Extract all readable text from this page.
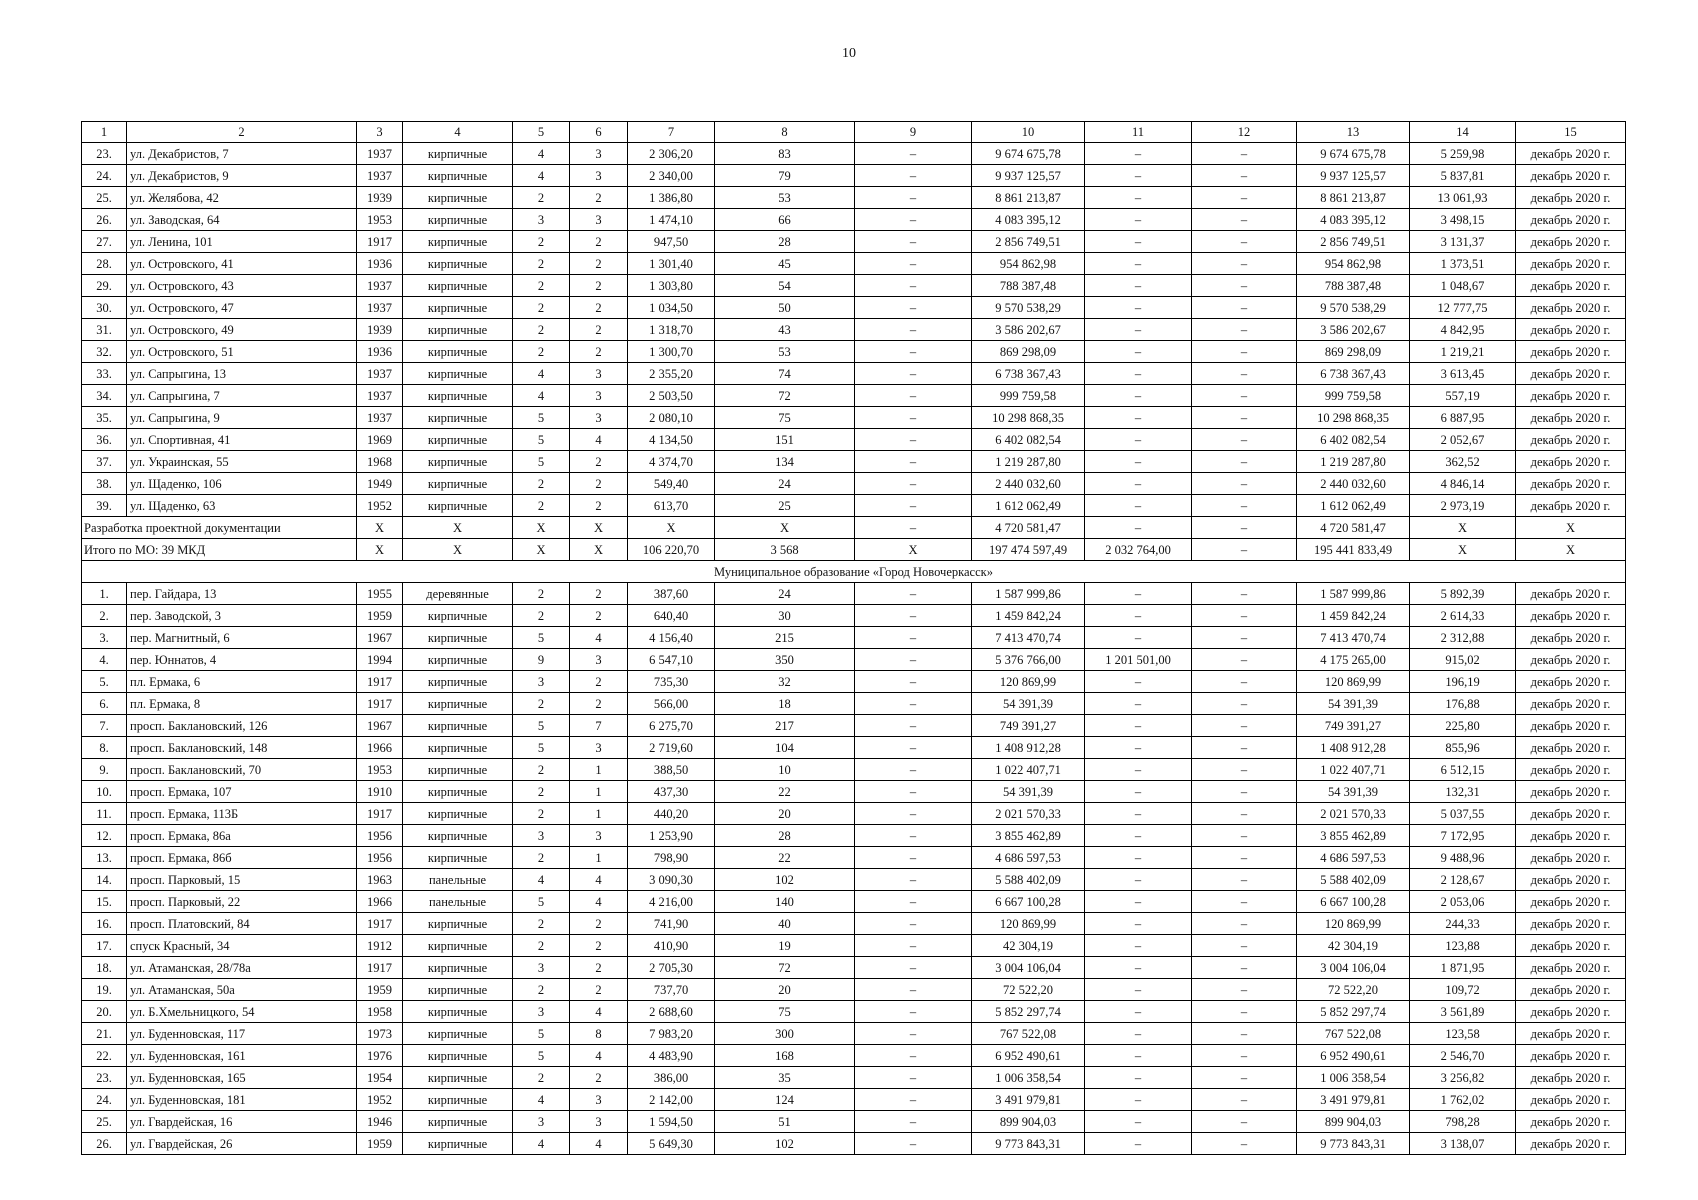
10
1	2	3	4	5	6	7	8	9	10	11	12	13	14	15
23.	ул. Декабристов, 7	1937	кирпичные	4	3	2 306,20	83	–	9 674 675,78	–	–	9 674 675,78	5 259,98	декабрь 2020 г.
24.	ул. Декабристов, 9	1937	кирпичные	4	3	2 340,00	79	–	9 937 125,57	–	–	9 937 125,57	5 837,81	декабрь 2020 г.
25.	ул. Желябова, 42	1939	кирпичные	2	2	1 386,80	53	–	8 861 213,87	–	–	8 861 213,87	13 061,93	декабрь 2020 г.
26.	ул. Заводская, 64	1953	кирпичные	3	3	1 474,10	66	–	4 083 395,12	–	–	4 083 395,12	3 498,15	декабрь 2020 г.
27.	ул. Ленина, 101	1917	кирпичные	2	2	947,50	28	–	2 856 749,51	–	–	2 856 749,51	3 131,37	декабрь 2020 г.
28.	ул. Островского, 41	1936	кирпичные	2	2	1 301,40	45	–	954 862,98	–	–	954 862,98	1 373,51	декабрь 2020 г.
29.	ул. Островского, 43	1937	кирпичные	2	2	1 303,80	54	–	788 387,48	–	–	788 387,48	1 048,67	декабрь 2020 г.
30.	ул. Островского, 47	1937	кирпичные	2	2	1 034,50	50	–	9 570 538,29	–	–	9 570 538,29	12 777,75	декабрь 2020 г.
31.	ул. Островского, 49	1939	кирпичные	2	2	1 318,70	43	–	3 586 202,67	–	–	3 586 202,67	4 842,95	декабрь 2020 г.
32.	ул. Островского, 51	1936	кирпичные	2	2	1 300,70	53	–	869 298,09	–	–	869 298,09	1 219,21	декабрь 2020 г.
33.	ул. Сапрыгина, 13	1937	кирпичные	4	3	2 355,20	74	–	6 738 367,43	–	–	6 738 367,43	3 613,45	декабрь 2020 г.
34.	ул. Сапрыгина, 7	1937	кирпичные	4	3	2 503,50	72	–	999 759,58	–	–	999 759,58	557,19	декабрь 2020 г.
35.	ул. Сапрыгина, 9	1937	кирпичные	5	3	2 080,10	75	–	10 298 868,35	–	–	10 298 868,35	6 887,95	декабрь 2020 г.
36.	ул. Спортивная, 41	1969	кирпичные	5	4	4 134,50	151	–	6 402 082,54	–	–	6 402 082,54	2 052,67	декабрь 2020 г.
37.	ул. Украинская, 55	1968	кирпичные	5	2	4 374,70	134	–	1 219 287,80	–	–	1 219 287,80	362,52	декабрь 2020 г.
38.	ул. Щаденко, 106	1949	кирпичные	2	2	549,40	24	–	2 440 032,60	–	–	2 440 032,60	4 846,14	декабрь 2020 г.
39.	ул. Щаденко, 63	1952	кирпичные	2	2	613,70	25	–	1 612 062,49	–	–	1 612 062,49	2 973,19	декабрь 2020 г.
Разработка проектной документации		Х	Х	Х	Х	Х	Х	–	4 720 581,47	–	–	4 720 581,47	Х	Х
Итого по МО: 39 МКД		Х	Х	Х	Х	106 220,70	3 568	Х	197 474 597,49	2 032 764,00	–	195 441 833,49	Х	Х
Муниципальное образование «Город Новочеркасск»														
1.	пер. Гайдара, 13	1955	деревянные	2	2	387,60	24	–	1 587 999,86	–	–	1 587 999,86	5 892,39	декабрь 2020 г.
2.	пер. Заводской, 3	1959	кирпичные	2	2	640,40	30	–	1 459 842,24	–	–	1 459 842,24	2 614,33	декабрь 2020 г.
3.	пер. Магнитный, 6	1967	кирпичные	5	4	4 156,40	215	–	7 413 470,74	–	–	7 413 470,74	2 312,88	декабрь 2020 г.
4.	пер. Юннатов, 4	1994	кирпичные	9	3	6 547,10	350	–	5 376 766,00	1 201 501,00	–	4 175 265,00	915,02	декабрь 2020 г.
5.	пл. Ермака, 6	1917	кирпичные	3	2	735,30	32	–	120 869,99	–	–	120 869,99	196,19	декабрь 2020 г.
6.	пл. Ермака, 8	1917	кирпичные	2	2	566,00	18	–	54 391,39	–	–	54 391,39	176,88	декабрь 2020 г.
7.	просп. Баклановский, 126	1967	кирпичные	5	7	6 275,70	217	–	749 391,27	–	–	749 391,27	225,80	декабрь 2020 г.
8.	просп. Баклановский, 148	1966	кирпичные	5	3	2 719,60	104	–	1 408 912,28	–	–	1 408 912,28	855,96	декабрь 2020 г.
9.	просп. Баклановский, 70	1953	кирпичные	2	1	388,50	10	–	1 022 407,71	–	–	1 022 407,71	6 512,15	декабрь 2020 г.
10.	просп. Ермака, 107	1910	кирпичные	2	1	437,30	22	–	54 391,39	–	–	54 391,39	132,31	декабрь 2020 г.
11.	просп. Ермака, 113Б	1917	кирпичные	2	1	440,20	20	–	2 021 570,33	–	–	2 021 570,33	5 037,55	декабрь 2020 г.
12.	просп. Ермака, 86а	1956	кирпичные	3	3	1 253,90	28	–	3 855 462,89	–	–	3 855 462,89	7 172,95	декабрь 2020 г.
13.	просп. Ермака, 86б	1956	кирпичные	2	1	798,90	22	–	4 686 597,53	–	–	4 686 597,53	9 488,96	декабрь 2020 г.
14.	просп. Парковый, 15	1963	панельные	4	4	3 090,30	102	–	5 588 402,09	–	–	5 588 402,09	2 128,67	декабрь 2020 г.
15.	просп. Парковый, 22	1966	панельные	5	4	4 216,00	140	–	6 667 100,28	–	–	6 667 100,28	2 053,06	декабрь 2020 г.
16.	просп. Платовский, 84	1917	кирпичные	2	2	741,90	40	–	120 869,99	–	–	120 869,99	244,33	декабрь 2020 г.
17.	спуск Красный, 34	1912	кирпичные	2	2	410,90	19	–	42 304,19	–	–	42 304,19	123,88	декабрь 2020 г.
18.	ул. Атаманская, 28/78а	1917	кирпичные	3	2	2 705,30	72	–	3 004 106,04	–	–	3 004 106,04	1 871,95	декабрь 2020 г.
19.	ул. Атаманская, 50а	1959	кирпичные	2	2	737,70	20	–	72 522,20	–	–	72 522,20	109,72	декабрь 2020 г.
20.	ул. Б.Хмельницкого, 54	1958	кирпичные	3	4	2 688,60	75	–	5 852 297,74	–	–	5 852 297,74	3 561,89	декабрь 2020 г.
21.	ул. Буденновская, 117	1973	кирпичные	5	8	7 983,20	300	–	767 522,08	–	–	767 522,08	123,58	декабрь 2020 г.
22.	ул. Буденновская, 161	1976	кирпичные	5	4	4 483,90	168	–	6 952 490,61	–	–	6 952 490,61	2 546,70	декабрь 2020 г.
23.	ул. Буденновская, 165	1954	кирпичные	2	2	386,00	35	–	1 006 358,54	–	–	1 006 358,54	3 256,82	декабрь 2020 г.
24.	ул. Буденновская, 181	1952	кирпичные	4	3	2 142,00	124	–	3 491 979,81	–	–	3 491 979,81	1 762,02	декабрь 2020 г.
25.	ул. Гвардейская, 16	1946	кирпичные	3	3	1 594,50	51	–	899 904,03	–	–	899 904,03	798,28	декабрь 2020 г.
26.	ул. Гвардейская, 26	1959	кирпичные	4	4	5 649,30	102	–	9 773 843,31	–	–	9 773 843,31	3 138,07	декабрь 2020 г.
